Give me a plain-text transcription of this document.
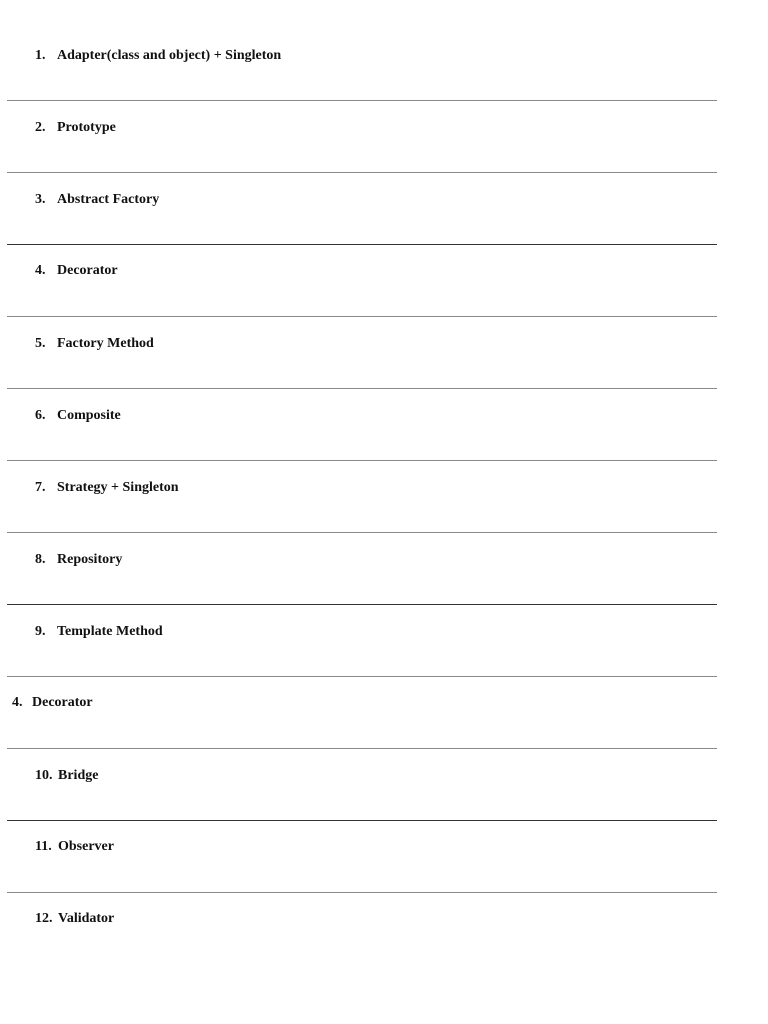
1. Adapter(class and object) + Singleton
2. Prototype
3. Abstract Factory
4. Decorator
5. Factory Method
6. Composite
7. Strategy + Singleton
8. Repository
9. Template Method
4. Decorator
10. Bridge
11. Observer
12. Validator
